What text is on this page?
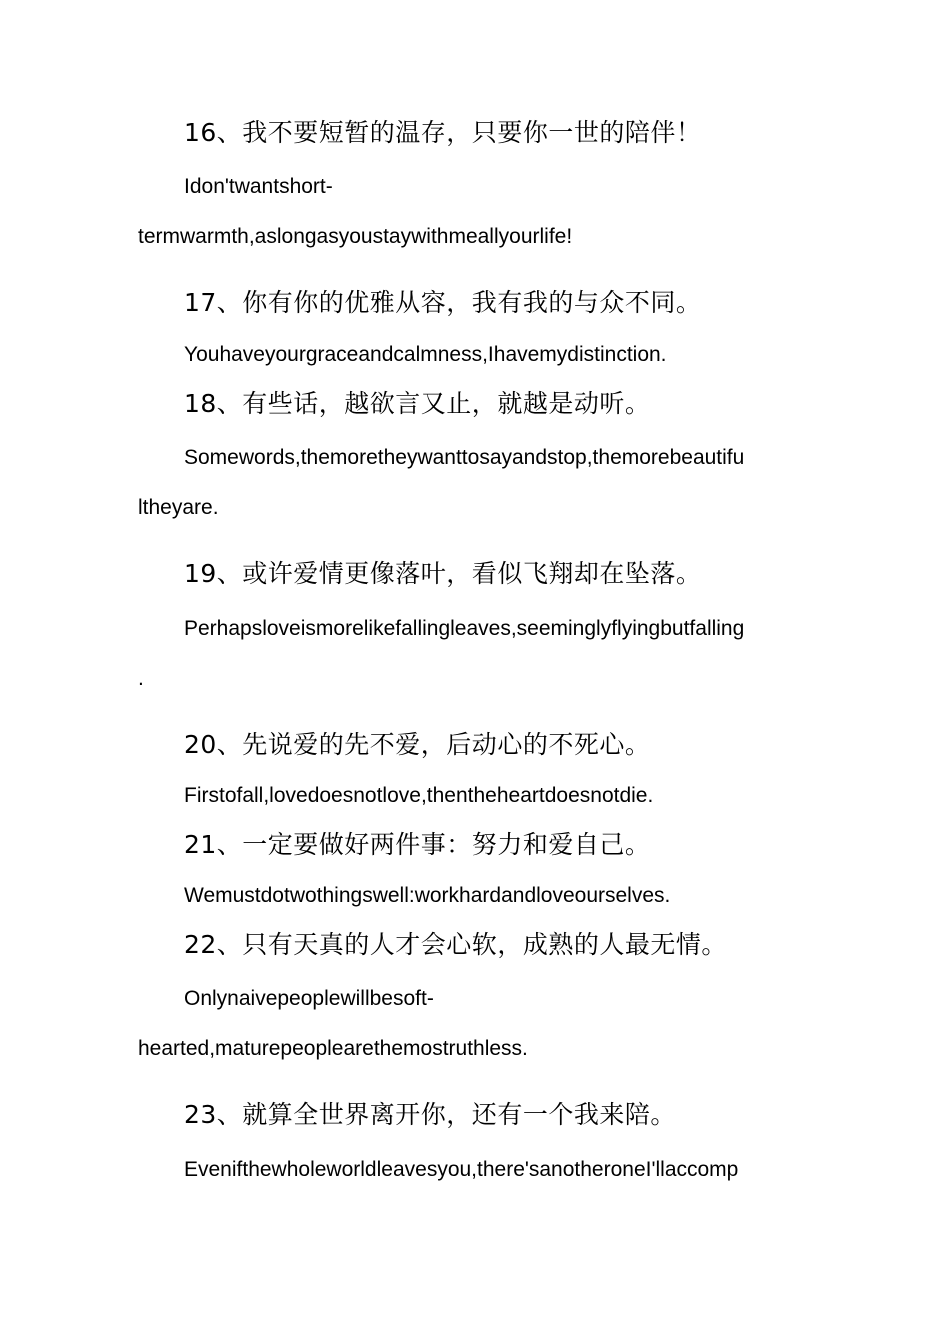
16、我不要短暂的温存，只要你一世的陪伴！
Idon'twantshort-
termwarmth,aslongasyoustaywithmeallyourlife!
17、你有你的优雅从容，我有我的与众不同。
Youhaveyourgraceandcalmness,Ihavemydistinction.
18、有些话，越欲言又止，就越是动听。
Somewords,themoretheywanttosayandstop,themorebeautifu
ltheyare.
19、或许爱情更像落叶，看似飞翔却在坠落。
Perhapsloveismorelikefallingleaves,seeminglyflyingbutfalling
.
20、先说爱的先不爱，后动心的不死心。
Firstofall,lovedoesnotlove,thentheheartdoesnotdie.
21、一定要做好两件事：努力和爱自己。
Wemustdotwothingswell:workhardandloveourselves.
22、只有天真的人才会心软，成熟的人最无情。
Onlynaivepeoplewillbesoft-
hearted,maturepeoplearethemostruthless.
23、就算全世界离开你，还有一个我来陪。
Evenifthewholeworldleavesyou,there'sanotheroneI'llaccomp
